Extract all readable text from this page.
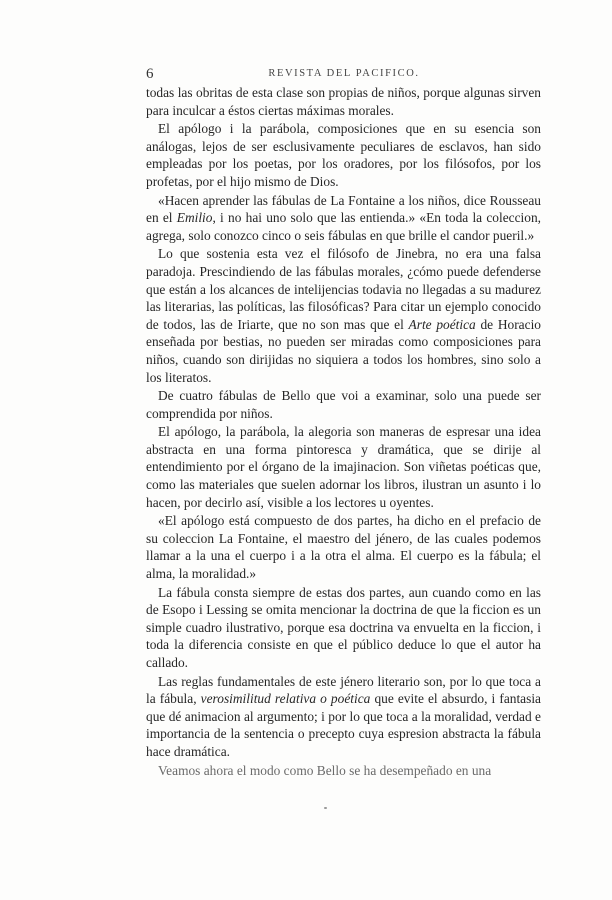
6	REVISTA DEL PACIFICO.

todas las obritas de esta clase son propias de niños, porque algunas sirven para inculcar a éstos ciertas máximas morales.

El apólogo i la parábola, composiciones que en su esencia son análogas, lejos de ser esclusivamente peculiares de esclavos, han sido empleadas por los poetas, por los oradores, por los filósofos, por los profetas, por el hijo mismo de Dios.

«Hacen aprender las fábulas de La Fontaine a los niños, dice Rousseau en el Emilio, i no hai uno solo que las entienda.» «En toda la coleccion, agrega, solo conozco cinco o seis fábulas en que brille el candor pueril.»

Lo que sostenia esta vez el filósofo de Jinebra, no era una falsa paradoja. Prescindiendo de las fábulas morales, ¿cómo puede defenderse que están a los alcances de intelijencias todavia no llegadas a su madurez las literarias, las políticas, las filosóficas? Para citar un ejemplo conocido de todos, las de Iriarte, que no son mas que el Arte poética de Horacio enseñada por bestias, no pueden ser miradas como composiciones para niños, cuando son dirijidas no siquiera a todos los hombres, sino solo a los literatos.

De cuatro fábulas de Bello que voi a examinar, solo una puede ser comprendida por niños.

El apólogo, la parábola, la alegoria son maneras de espresar una idea abstracta en una forma pintoresca y dramática, que se dirije al entendimiento por el órgano de la imajinacion. Son viñetas poéticas que, como las materiales que suelen adornar los libros, ilustran un asunto i lo hacen, por decirlo así, visible a los lectores u oyentes.

«El apólogo está compuesto de dos partes, ha dicho en el prefacio de su coleccion La Fontaine, el maestro del jénero, de las cuales podemos llamar a la una el cuerpo i a la otra el alma. El cuerpo es la fábula; el alma, la moralidad.»

La fábula consta siempre de estas dos partes, aun cuando como en las de Esopo i Lessing se omita mencionar la doctrina de que la ficcion es un simple cuadro ilustrativo, porque esa doctrina va envuelta en la ficcion, i toda la diferencia consiste en que el público deduce lo que el autor ha callado.

Las reglas fundamentales de este jénero literario son, por lo que toca a la fábula, verosimilitud relativa o poética que evite el absurdo, i fantasia que dé animacion al argumento; i por lo que toca a la moralidad, verdad e importancia de la sentencia o precepto cuya espresion abstracta la fábula hace dramática.

Veamos ahora el modo como Bello se ha desempeñado en una
